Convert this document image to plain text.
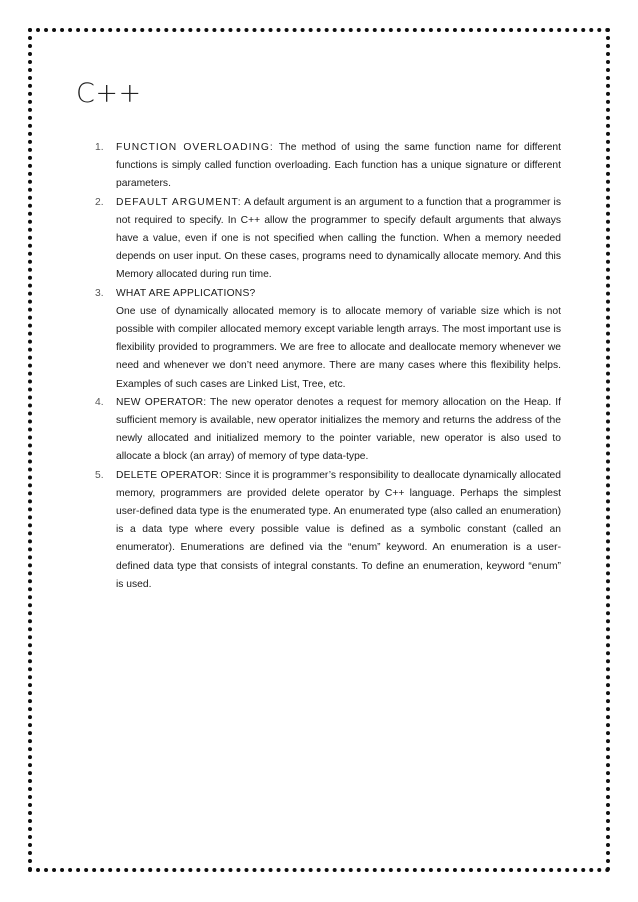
C++
1. FUNCTION OVERLOADING: The method of using the same function name for different functions is simply called function overloading. Each function has a unique signature or different parameters.
2. DEFAULT ARGUMENT: A default argument is an argument to a function that a programmer is not required to specify. In C++ allow the programmer to specify default arguments that always have a value, even if one is not specified when calling the function. When a memory needed depends on user input. On these cases, programs need to dynamically allocate memory. And this Memory allocated during run time.
3. WHAT ARE APPLICATIONS?
One use of dynamically allocated memory is to allocate memory of variable size which is not possible with compiler allocated memory except variable length arrays. The most important use is flexibility provided to programmers. We are free to allocate and deallocate memory whenever we need and whenever we don’t need anymore. There are many cases where this flexibility helps. Examples of such cases are Linked List, Tree, etc.
4. NEW OPERATOR: The new operator denotes a request for memory allocation on the Heap. If sufficient memory is available, new operator initializes the memory and returns the address of the newly allocated and initialized memory to the pointer variable, new operator is also used to allocate a block (an array) of memory of type data-type.
5. DELETE OPERATOR: Since it is programmer’s responsibility to deallocate dynamically allocated memory, programmers are provided delete operator by C++ language. Perhaps the simplest user-defined data type is the enumerated type. An enumerated type (also called an enumeration) is a data type where every possible value is defined as a symbolic constant (called an enumerator). Enumerations are defined via the “enum” keyword. An enumeration is a user-defined data type that consists of integral constants. To define an enumeration, keyword “enum” is used.
